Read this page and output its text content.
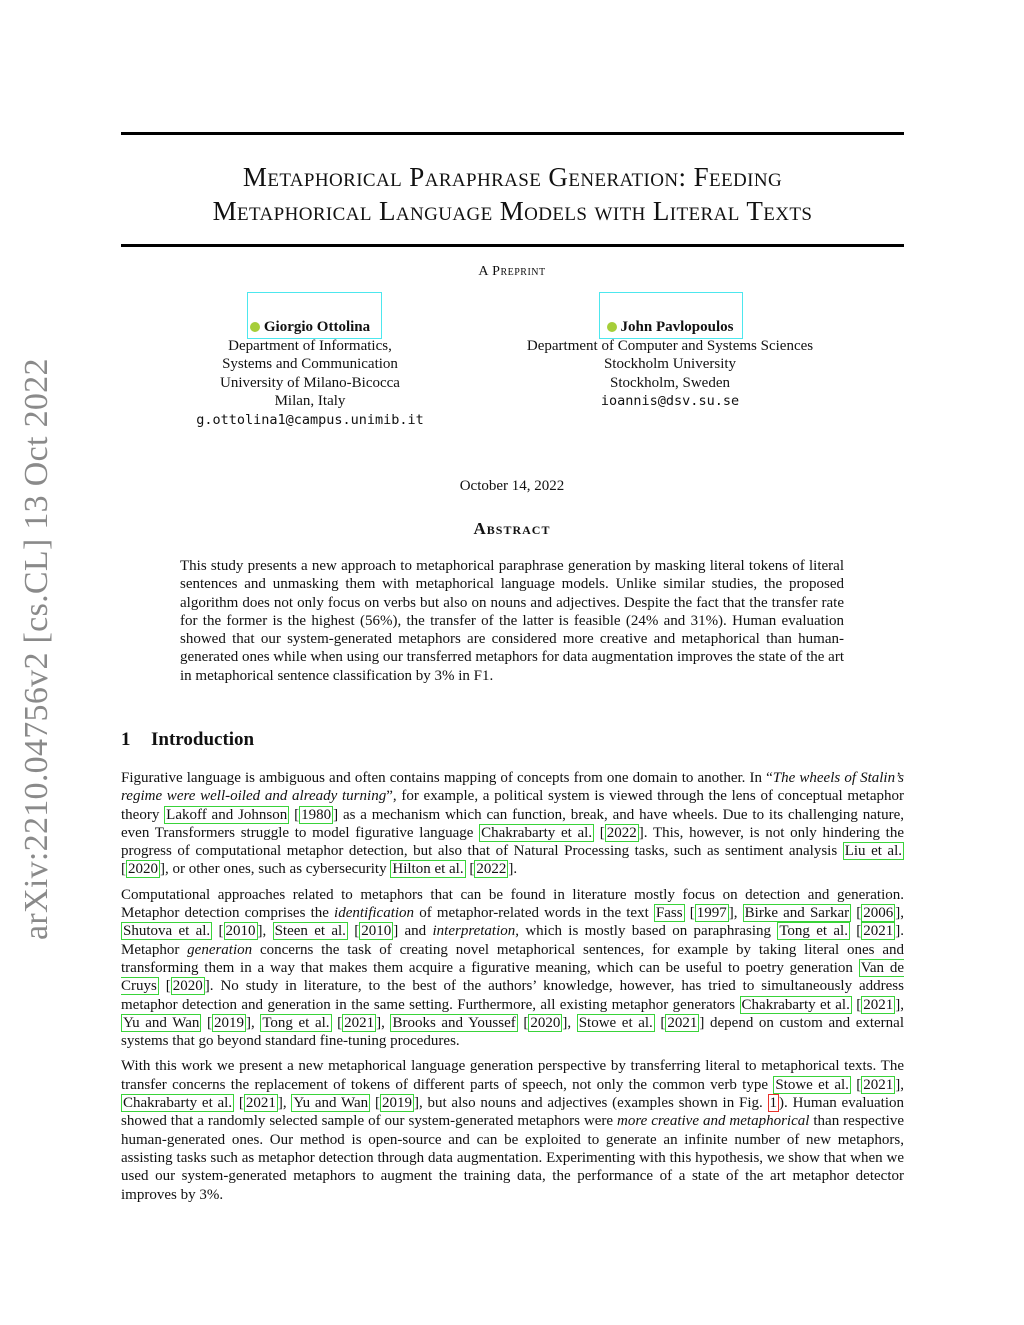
arXiv:2210.04756v2 [cs.CL] 13 Oct 2022
Metaphorical Paraphrase Generation: Feeding
Metaphorical Language Models with Literal Texts
A Preprint
Giorgio Ottolina
Department of Informatics,
Systems and Communication
University of Milano-Bicocca
Milan, Italy
g.ottolina1@campus.unimib.it
John Pavlopoulos
Department of Computer and Systems Sciences
Stockholm University
Stockholm, Sweden
ioannis@dsv.su.se
October 14, 2022
Abstract
This study presents a new approach to metaphorical paraphrase generation by masking literal tokens of literal sentences and unmasking them with metaphorical language models. Unlike similar studies, the proposed algorithm does not only focus on verbs but also on nouns and adjectives. Despite the fact that the transfer rate for the former is the highest (56%), the transfer of the latter is feasible (24% and 31%). Human evaluation showed that our system-generated metaphors are considered more creative and metaphorical than human-generated ones while when using our transferred metaphors for data augmentation improves the state of the art in metaphorical sentence classification by 3% in F1.
1 Introduction

Figurative language is ambiguous and often contains mapping of concepts from one domain to another. In “The wheels of Stalin’s regime were well-oiled and already turning”, for example, a political system is viewed through the lens of conceptual metaphor theory Lakoff and Johnson [ 1980 ] as a mechanism which can function, break, and have wheels. Due to its challenging nature, even Transformers struggle to model figurative language Chakrabarty et al. [ 2022 ]. This, however, is not only hindering the progress of computational metaphor detection, but also that of Natural Processing tasks, such as sentiment analysis Liu et al. [ 2020 ], or other ones, such as cybersecurity Hilton et al. [ 2022 ].

Computational approaches related to metaphors that can be found in literature mostly focus on detection and generation. Metaphor detection comprises the identification of metaphor-related words in the text Fass [ 1997 ], Birke and Sarkar [ 2006 ], Shutova et al. [ 2010 ], Steen et al. [ 2010 ] and interpretation, which is mostly based on paraphrasing Tong et al. [ 2021 ]. Metaphor generation concerns the task of creating novel metaphorical sentences, for example by taking literal ones and transforming them in a way that makes them acquire a figurative meaning, which can be useful to poetry generation Van de Cruys [ 2020 ]. No study in literature, to the best of the authors’ knowledge, however, has tried to simultaneously address metaphor detection and generation in the same setting. Furthermore, all existing metaphor generators Chakrabarty et al. [ 2021 ], Yu and Wan [ 2019 ], Tong et al. [ 2021 ], Brooks and Youssef [ 2020 ], Stowe et al. [ 2021 ] depend on custom and external systems that go beyond standard fine-tuning procedures.

With this work we present a new metaphorical language generation perspective by transferring literal to metaphorical texts. The transfer concerns the replacement of tokens of different parts of speech, not only the common verb type Stowe et al. [ 2021 ], Chakrabarty et al. [ 2021 ], Yu and Wan [ 2019 ], but also nouns and adjectives (examples shown in Fig. 1 ). Human evaluation showed that a randomly selected sample of our system-generated metaphors were more creative and metaphorical than respective human-generated ones. Our method is open-source and can be exploited to generate an infinite number of new metaphors, assisting tasks such as metaphor detection through data augmentation. Experimenting with this hypothesis, we show that when we used our system-generated metaphors to augment the training data, the performance of a state of the art metaphor detector improves by 3%.
